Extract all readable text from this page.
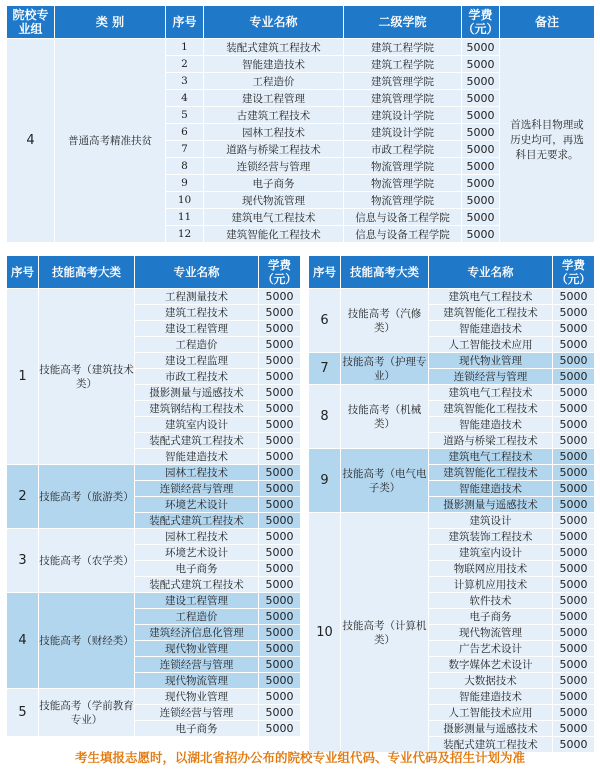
院校专业组	类 别	序号	专业名称	二级学院	学费（元）	备注
4	普通高考精准扶贫	1	装配式建筑工程技术	建筑工程学院	5000	首选科目物理或历史均可，再选科目无要求。
		2	智能建造技术	建筑工程学院	5000	
		3	工程造价	建筑管理学院	5000	
		4	建设工程管理	建筑管理学院	5000	
		5	古建筑工程技术	建筑设计学院	5000	
		6	园林工程技术	建筑设计学院	5000	
		7	道路与桥梁工程技术	市政工程学院	5000	
		8	连锁经营与管理	物流管理学院	5000	
		9	电子商务	物流管理学院	5000	
		10	现代物流管理	物流管理学院	5000	
		11	建筑电气工程技术	信息与设备工程学院	5000	
		12	建筑智能化工程技术	信息与设备工程学院	5000	
序号	技能高考大类	专业名称	学费（元）
1	技能高考（建筑技术类）	工程测量技术	5000
		建筑工程技术	5000
		建设工程管理	5000
		工程造价	5000
		建设工程监理	5000
		市政工程技术	5000
		摄影测量与遥感技术	5000
		建筑钢结构工程技术	5000
		建筑室内设计	5000
		装配式建筑工程技术	5000
		智能建造技术	5000
2	技能高考（旅游类）	园林工程技术	5000
		连锁经营与管理	5000
		环境艺术设计	5000
		装配式建筑工程技术	5000
3	技能高考（农学类）	园林工程技术	5000
		环境艺术设计	5000
		电子商务	5000
		装配式建筑工程技术	5000
4	技能高考（财经类）	建设工程管理	5000
		工程造价	5000
		建筑经济信息化管理	5000
		现代物业管理	5000
		连锁经营与管理	5000
		现代物流管理	5000
5	技能高考（学前教育专业）	现代物业管理	5000
		连锁经营与管理	5000
		电子商务	5000
序号	技能高考大类	专业名称	学费（元）
6	技能高考（汽修类）	建筑电气工程技术	5000
		建筑智能化工程技术	5000
		智能建造技术	5000
		人工智能技术应用	5000
7	技能高考（护理专业）	现代物业管理	5000
		连锁经营与管理	5000
8	技能高考（机械类）	建筑电气工程技术	5000
		建筑智能化工程技术	5000
		智能建造技术	5000
		道路与桥梁工程技术	5000
9	技能高考（电气电子类）	建筑电气工程技术	5000
		建筑智能化工程技术	5000
		智能建造技术	5000
		摄影测量与遥感技术	5000
10	技能高考（计算机类）	建筑设计	5000
		建筑装饰工程技术	5000
		建筑室内设计	5000
		物联网应用技术	5000
		计算机应用技术	5000
		软件技术	5000
		电子商务	5000
		现代物流管理	5000
		广告艺术设计	5000
		数字媒体艺术设计	5000
		大数据技术	5000
		智能建造技术	5000
		人工智能技术应用	5000
		摄影测量与遥感技术	5000
		装配式建筑工程技术	5000
考生填报志愿时，以湖北省招办公布的院校专业组代码、专业代码及招生计划为准
